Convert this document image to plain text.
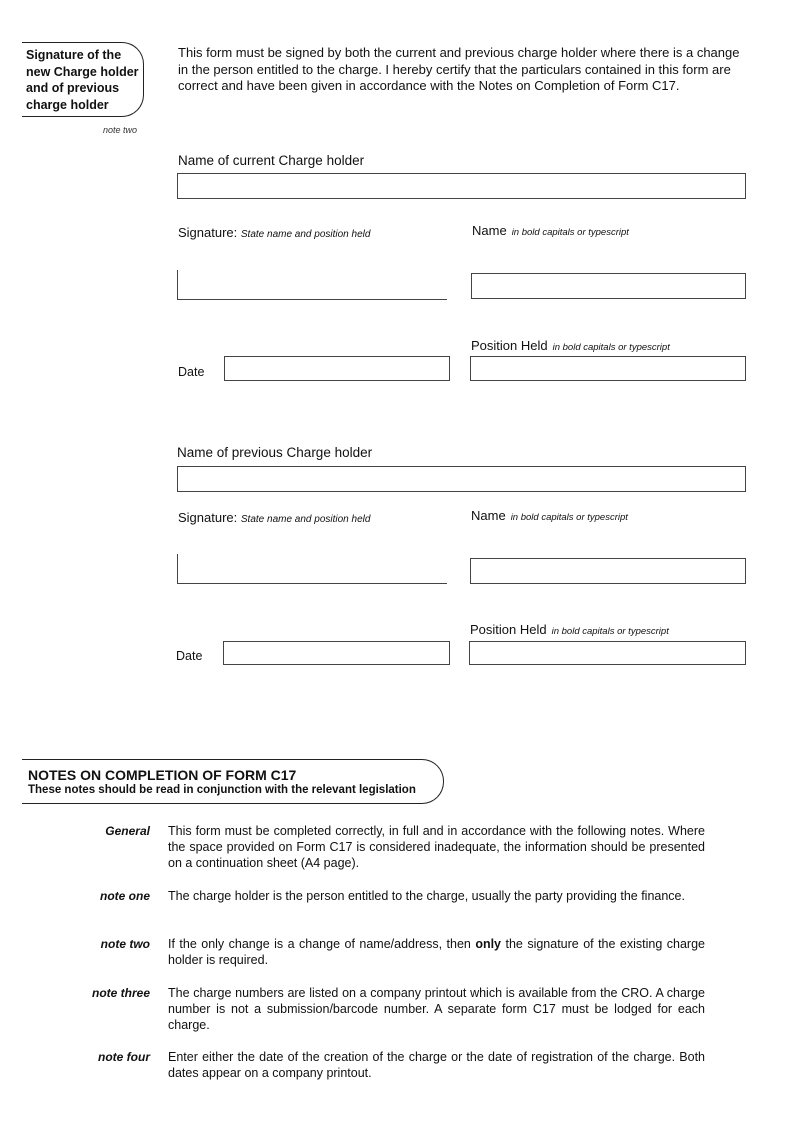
Signature of the new Charge holder and of previous charge holder
note two
This form must be signed by both the current and previous charge holder where there is a change in the person entitled to the charge. I hereby certify that the particulars contained in this form are correct and have been given in accordance with the Notes on Completion of Form C17.
Name of current Charge holder
Signature: State name and position held	Name in bold capitals or typescript
Position Held in bold capitals or typescript
Date
Name of previous Charge holder
Signature: State name and position held	Name in bold capitals or typescript
Position Held in bold capitals or typescript
Date
NOTES ON COMPLETION OF FORM C17
These notes should be read in conjunction with the relevant legislation
General This form must be completed correctly, in full and in accordance with the following notes. Where the space provided on Form C17 is considered inadequate, the information should be presented on a continuation sheet (A4 page).
note one The charge holder is the person entitled to the charge, usually the party providing the finance.
note two If the only change is a change of name/address, then only the signature of the existing charge holder is required.
note three The charge numbers are listed on a company printout which is available from the CRO. A charge number is not a submission/barcode number. A separate form C17 must be lodged for each charge.
note four Enter either the date of the creation of the charge or the date of registration of the charge. Both dates appear on a company printout.
